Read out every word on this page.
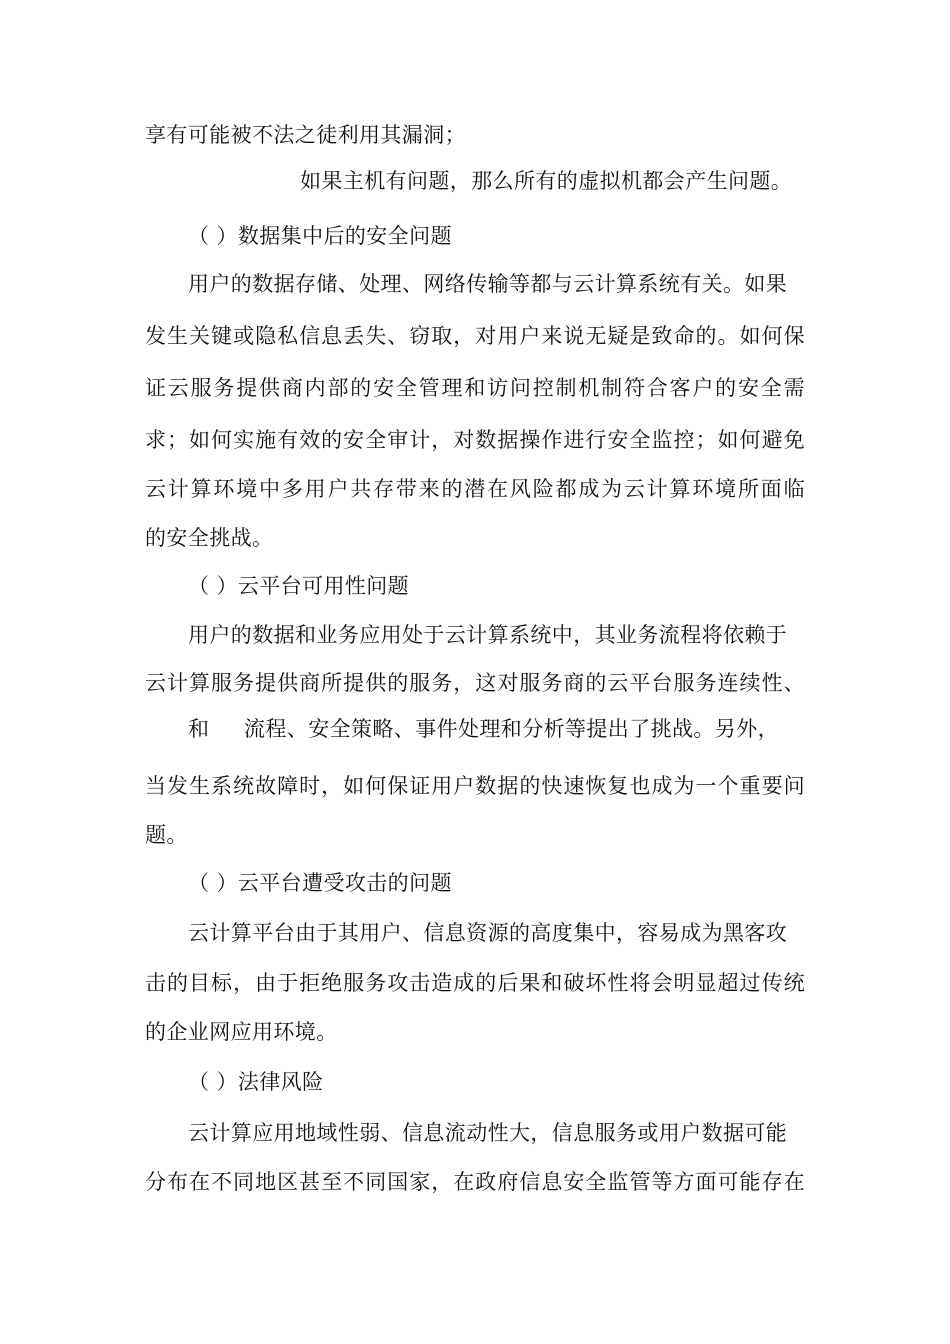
享有可能被不法之徒利用其漏洞；
如果主机有问题，那么所有的虚拟机都会产生问题。
（ ）数据集中后的安全问题
用户的数据存储、处理、网络传输等都与云计算系统有关。如果
发生关键或隐私信息丢失、窃取，对用户来说无疑是致命的。如何保
证云服务提供商内部的安全管理和访问控制机制符合客户的安全需
求；如何实施有效的安全审计，对数据操作进行安全监控；如何避免
云计算环境中多用户共存带来的潜在风险都成为云计算环境所面临
的安全挑战。
（ ）云平台可用性问题
用户的数据和业务应用处于云计算系统中，其业务流程将依赖于
云计算服务提供商所提供的服务，这对服务商的云平台服务连续性、
和 流程、安全策略、事件处理和分析等提出了挑战。另外，
当发生系统故障时，如何保证用户数据的快速恢复也成为一个重要问
题。
（ ）云平台遭受攻击的问题
云计算平台由于其用户、信息资源的高度集中，容易成为黑客攻
击的目标，由于拒绝服务攻击造成的后果和破坏性将会明显超过传统
的企业网应用环境。
（ ）法律风险
云计算应用地域性弱、信息流动性大，信息服务或用户数据可能
分布在不同地区甚至不同国家，在政府信息安全监管等方面可能存在
